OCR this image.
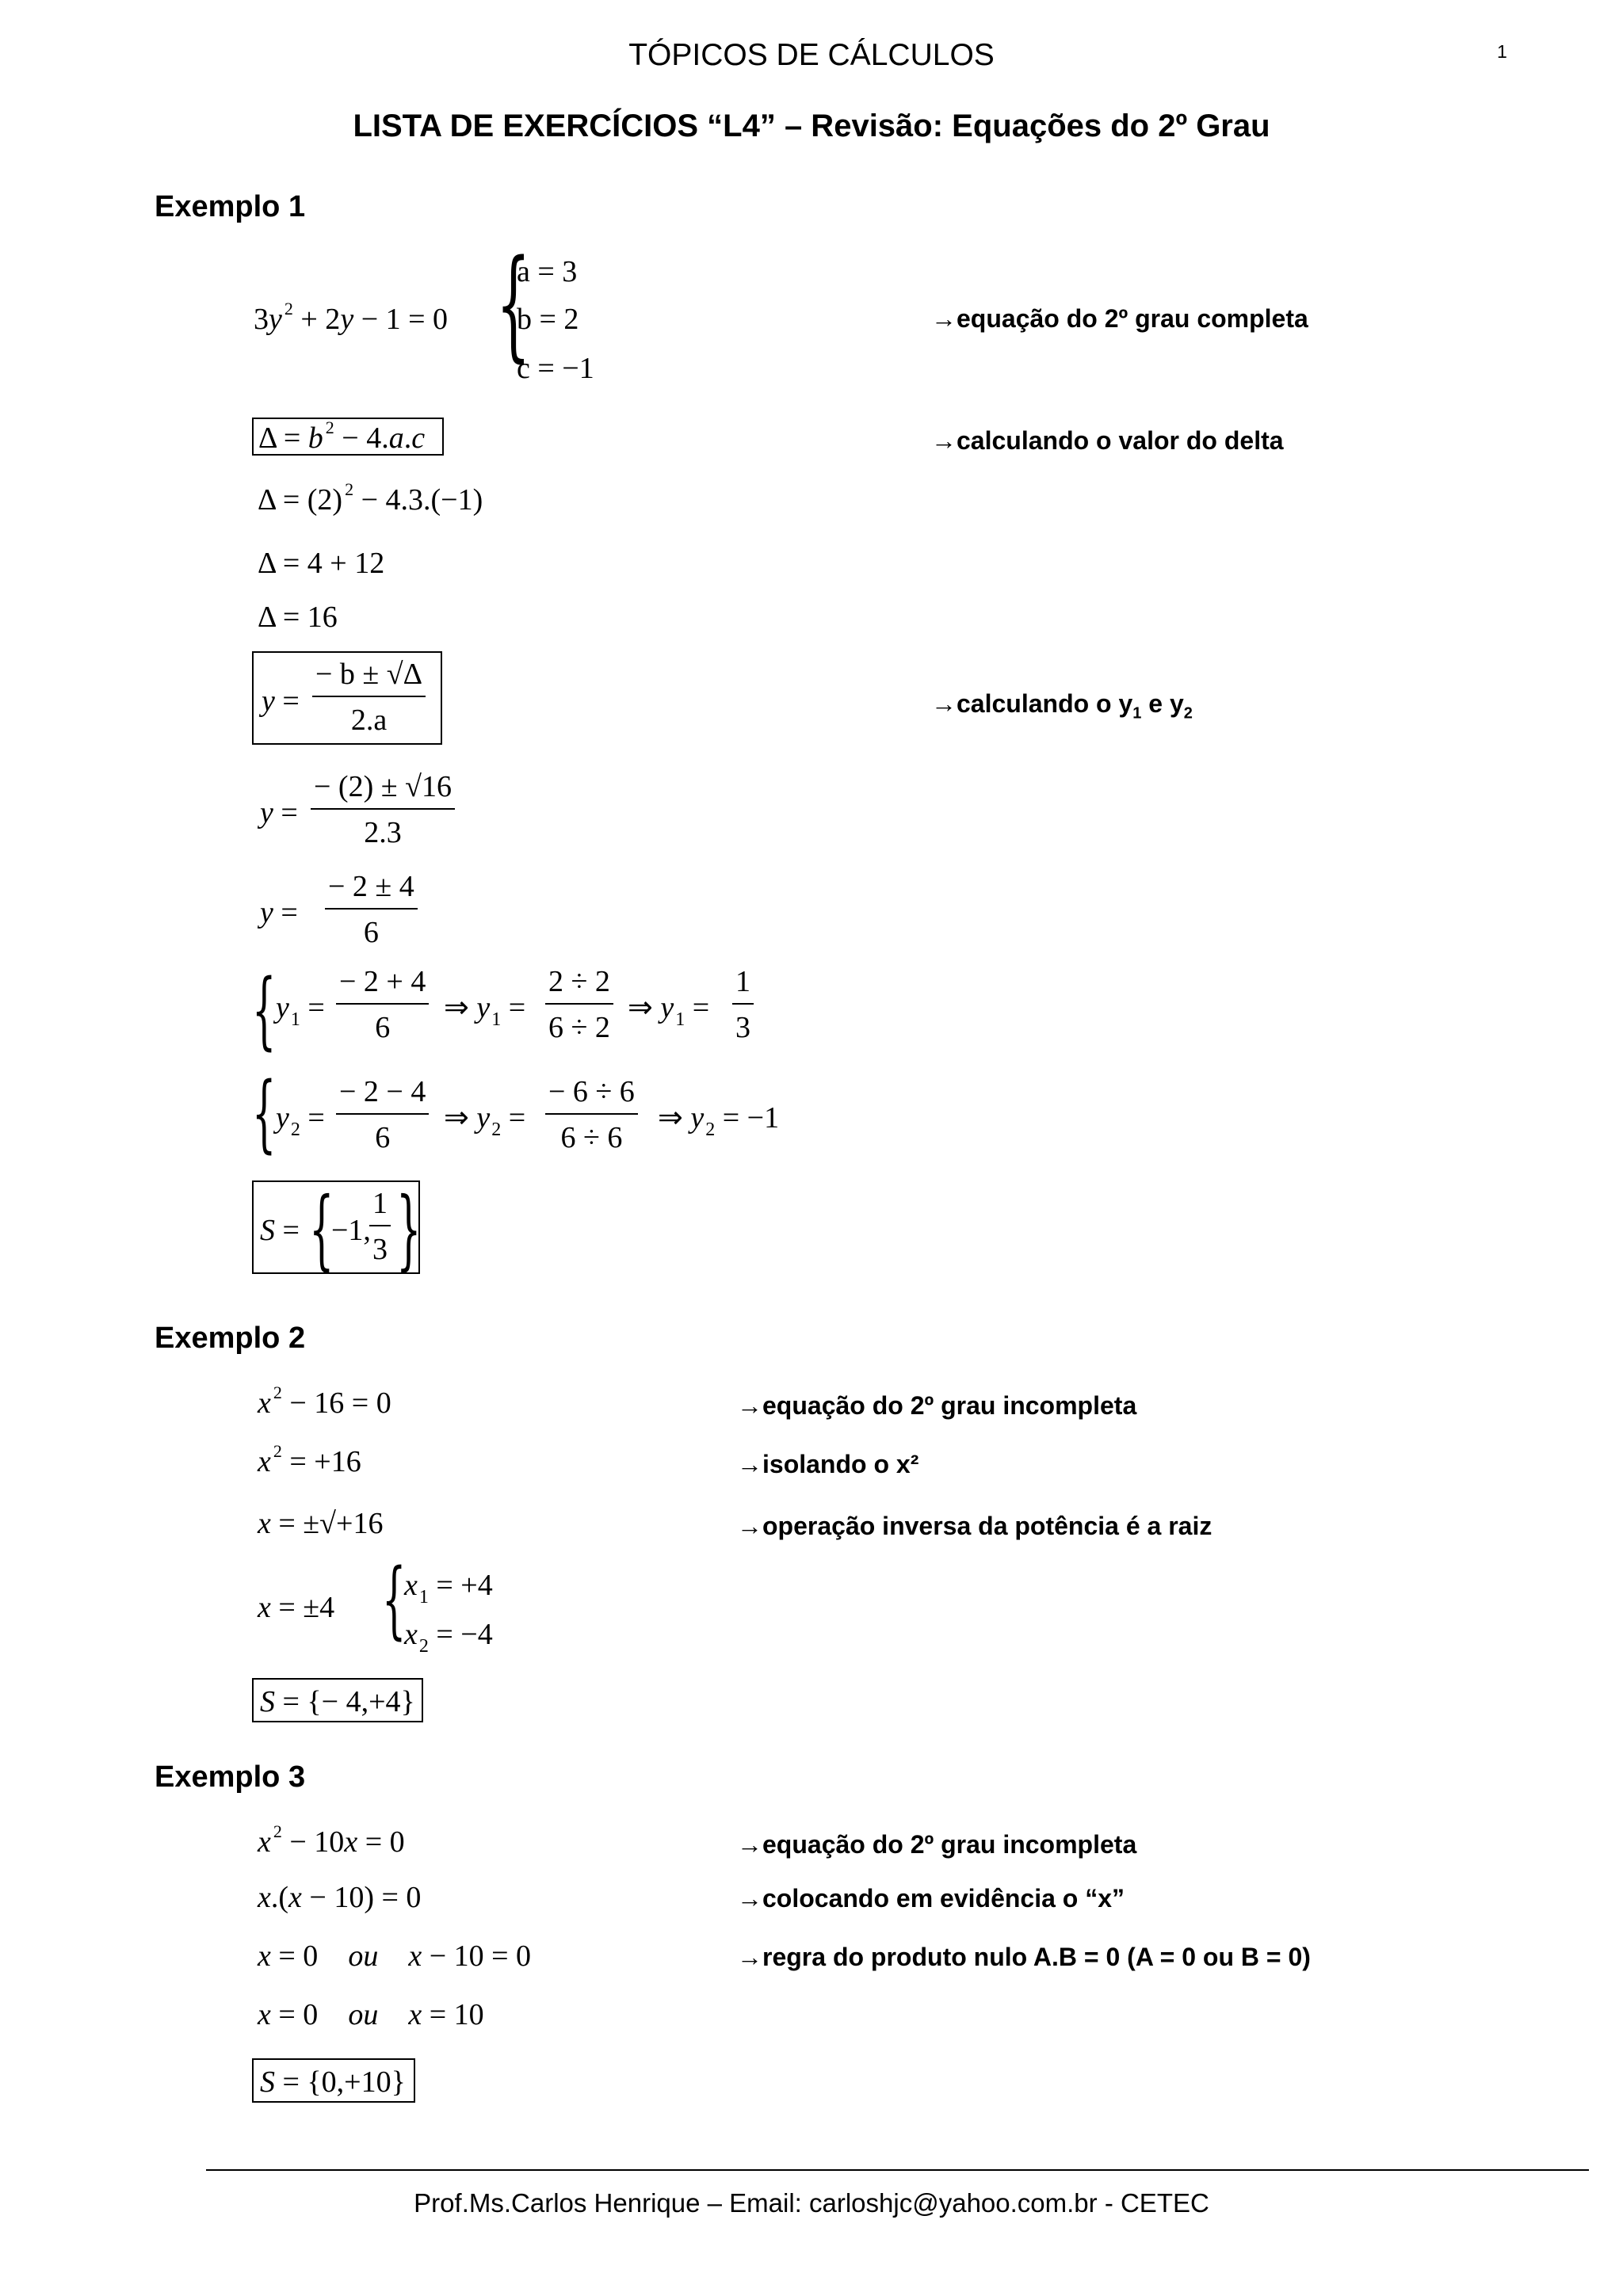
TÓPICOS DE CÁLCULOS	1
LISTA DE EXERCÍCIOS “L4” – Revisão: Equações do 2º Grau
Exemplo 1
3y $^2$ + 2y − 1 = 0 {
a = 3
b = 2
c = −1
→equação do 2º grau completa
Δ = b $^2$ − 4.a.c	→calculando o valor do delta
Δ = (2) $^2$ − 4.3.(−1)
Δ = 4 + 12
Δ = 16
$y = \frac{- b \pm √\Delta}{2.a}$	→calculando o $y_1$ e $y_2$
$y = \frac{- (2) \pm √16}{2.3}$
$y = \frac{- 2 \pm 4}{6}$
{ $y_1 = \frac{- 2 + 4}{6}$ ⇒ $y_1 = \frac{2 \div 2}{6 \div 2}$ ⇒ $y_1 = \frac{1}{3}$
{ $y_2 = \frac{- 2 - 4}{6}$ ⇒ $y_2 = \frac{- 6 \div 6}{6 \div 6}$ ⇒ $y_2 = -1$
S = {
−1,
$\frac{1}{3}$ }
Exemplo 2
x $^2$ − 16 = 0	→equação do 2º grau incompleta
x $^2$ = +16	→isolando o x²
x = ±√+16	→operação inversa da potência é a raiz
x = ±4 {
$x_1 = +4$
$x_2 = -4$
S = {− 4,+4}
Exemplo 3
x $^2$ − 10x = 0	→equação do 2º grau incompleta
x.(x − 10) = 0	→colocando em evidência o “x”
x = 0    ou x − 10 = 0	→regra do produto nulo A.B = 0 (A = 0 ou B = 0)
x = 0    ou x = 10
S = {0,+10}
Prof.Ms.Carlos Henrique – Email: carloshjc@yahoo.com.br - CETEC
